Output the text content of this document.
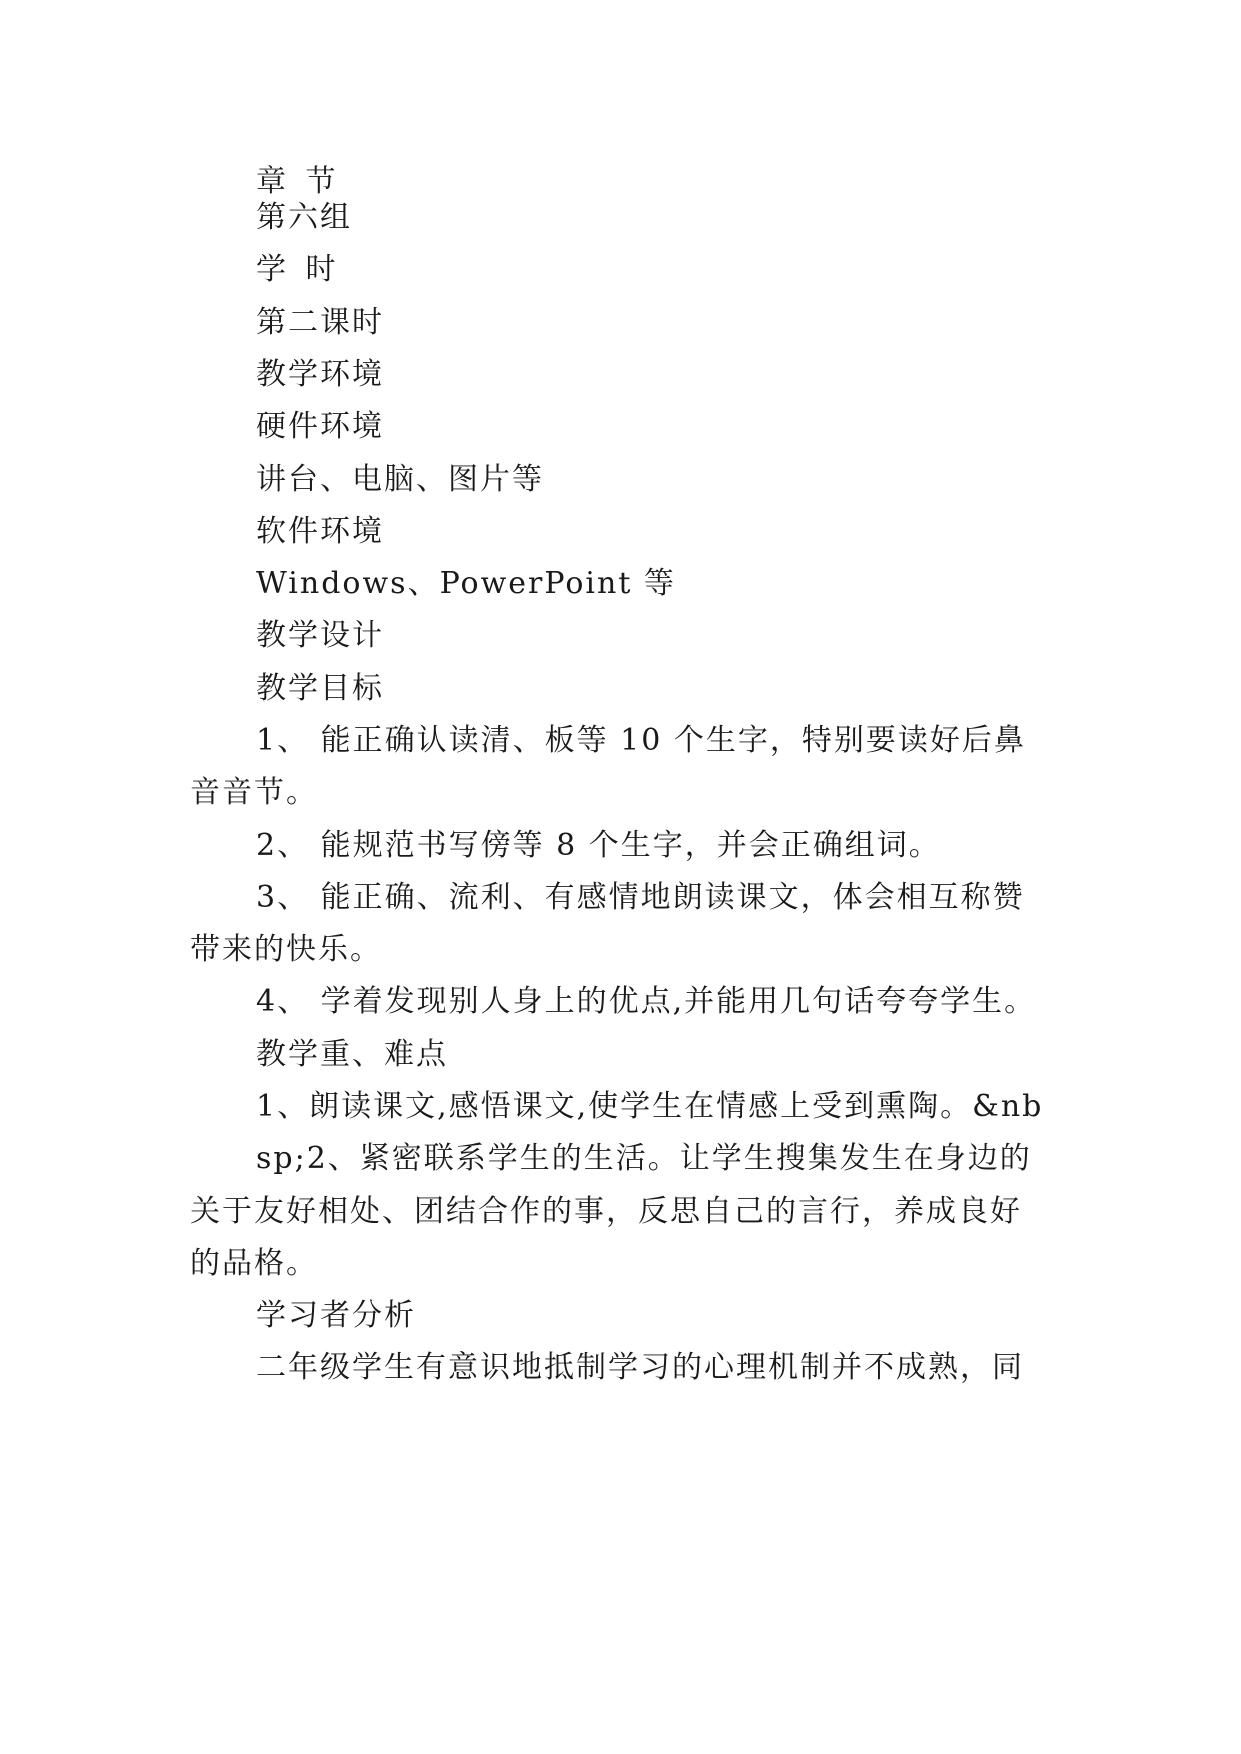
章 节
第六组
学 时
第二课时
教学环境
硬件环境
讲台、电脑、图片等
软件环境
Windows、PowerPoint 等
教学设计
教学目标
1、 能正确认读清、板等 10 个生字，特别要读好后鼻
音音节。
2、 能规范书写傍等 8 个生字，并会正确组词。
3、 能正确、流利、有感情地朗读课文，体会相互称赞
带来的快乐。
4、 学着发现别人身上的优点,并能用几句话夸夸学生。
教学重、难点
1、朗读课文,感悟课文,使学生在情感上受到熏陶。&nb
sp;2、紧密联系学生的生活。让学生搜集发生在身边的
关于友好相处、团结合作的事，反思自己的言行，养成良好
的品格。
学习者分析
二年级学生有意识地抵制学习的心理机制并不成熟，同
